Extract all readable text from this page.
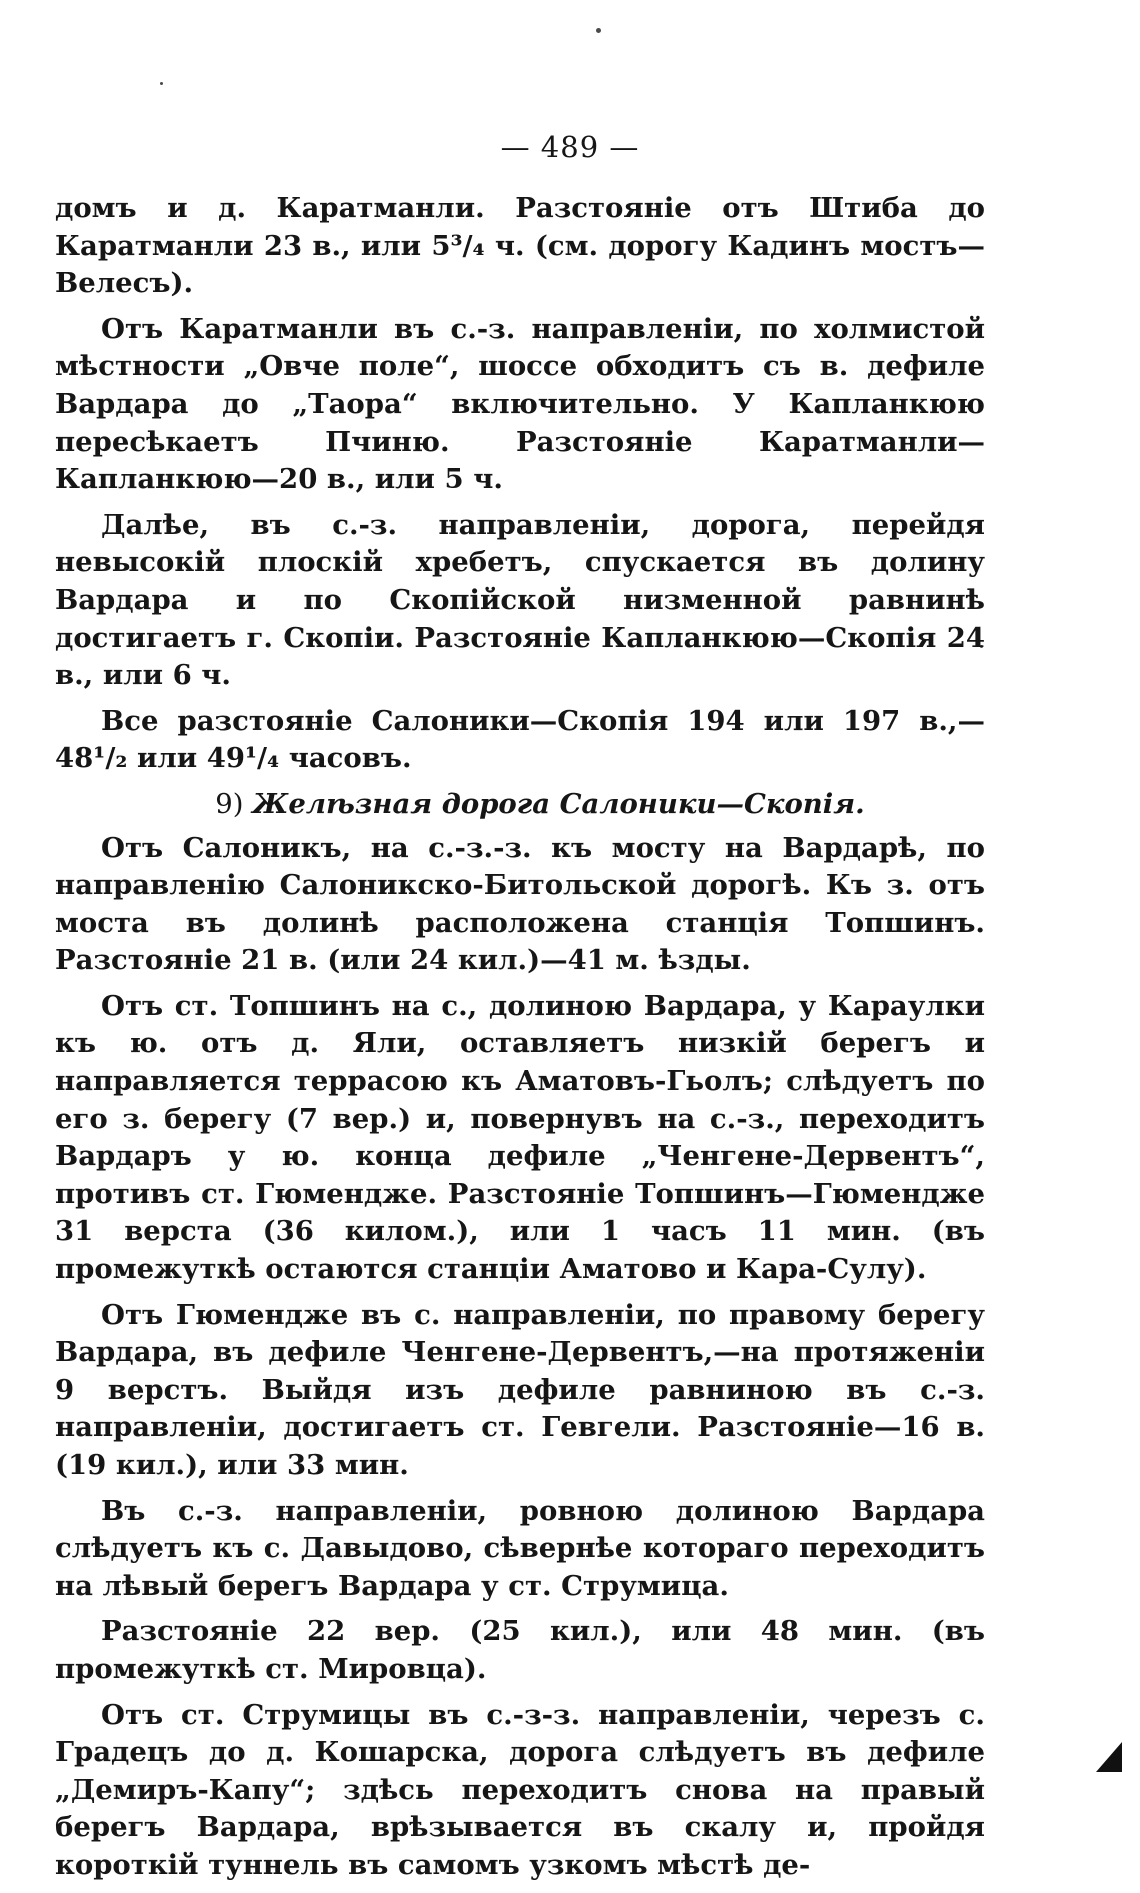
— 489 —

домъ и д. Каратманли. Разстояніе отъ Штиба до Каратманли 23 в., или 5³/₄ ч. (см. дорогу Кадинъ мостъ—Велесъ).

Отъ Каратманли въ с.-з. направленіи, по холмистой мѣстности „Овче поле“, шоссе обходитъ съ в. дефиле Вардара до „Таора“ включительно. У Капланкюю пересѣкаетъ Пчиню. Разстояніе Каратманли—Капланкюю—20 в., или 5 ч.

Далѣе, въ с.-з. направленіи, дорога, перейдя невысокій плоскій хребетъ, спускается въ долину Вардара и по Скопійской низменной равнинѣ достигаетъ г. Скопіи. Разстояніе Капланкюю—Скопія 24 в., или 6 ч.

Все разстояніе Салоники—Скопія 194 или 197 в.,—48¹/₂ или 49¹/₄ часовъ.

9) Желѣзная дорога Салоники—Скопія.

Отъ Салоникъ, на с.-з.-з. къ мосту на Вардарѣ, по направленію Салоникско-Битольской дорогѣ. Къ з. отъ моста въ долинѣ расположена станція Топшинъ. Разстояніе 21 в. (или 24 кил.)—41 м. ѣзды.

Отъ ст. Топшинъ на с., долиною Вардара, у Караулки къ ю. отъ д. Яли, оставляетъ низкій берегъ и направляется террасою къ Аматовъ-Гьолъ; слѣдуетъ по его з. берегу (7 вер.) и, повернувъ на с.-з., переходитъ Вардаръ у ю. конца дефиле „Ченгене-Дервентъ“, противъ ст. Гюменджe. Разстояніе Топшинъ—Гюменджe 31 верста (36 килом.), или 1 часъ 11 мин. (въ промежуткѣ остаются станціи Аматово и Кара-Сулу).

Отъ Гюменджe въ с. направленіи, по правому берегу Вардара, въ дефиле Ченгене-Дервентъ,—на протяженіи 9 верстъ. Выйдя изъ дефиле равниною въ с.-з. направленіи, достигаетъ ст. Гевгели. Разстояніе—16 в. (19 кил.), или 33 мин.

Въ с.-з. направленіи, ровною долиною Вардара слѣдуетъ къ с. Давыдово, сѣвернѣе котораго переходитъ на лѣвый берегъ Вардара у ст. Струмица.

Разстояніе 22 вер. (25 кил.), или 48 мин. (въ промежуткѣ ст. Мировца).

Отъ ст. Струмицы въ с.-з-з. направленіи, черезъ с. Градецъ до д. Кошарска, дорога слѣдуетъ въ дефиле „Демиръ-Капу“; здѣсь переходитъ снова на правый берегъ Вардара, врѣзывается въ скалу и, пройдя короткій туннель въ самомъ узкомъ мѣстѣ де-
